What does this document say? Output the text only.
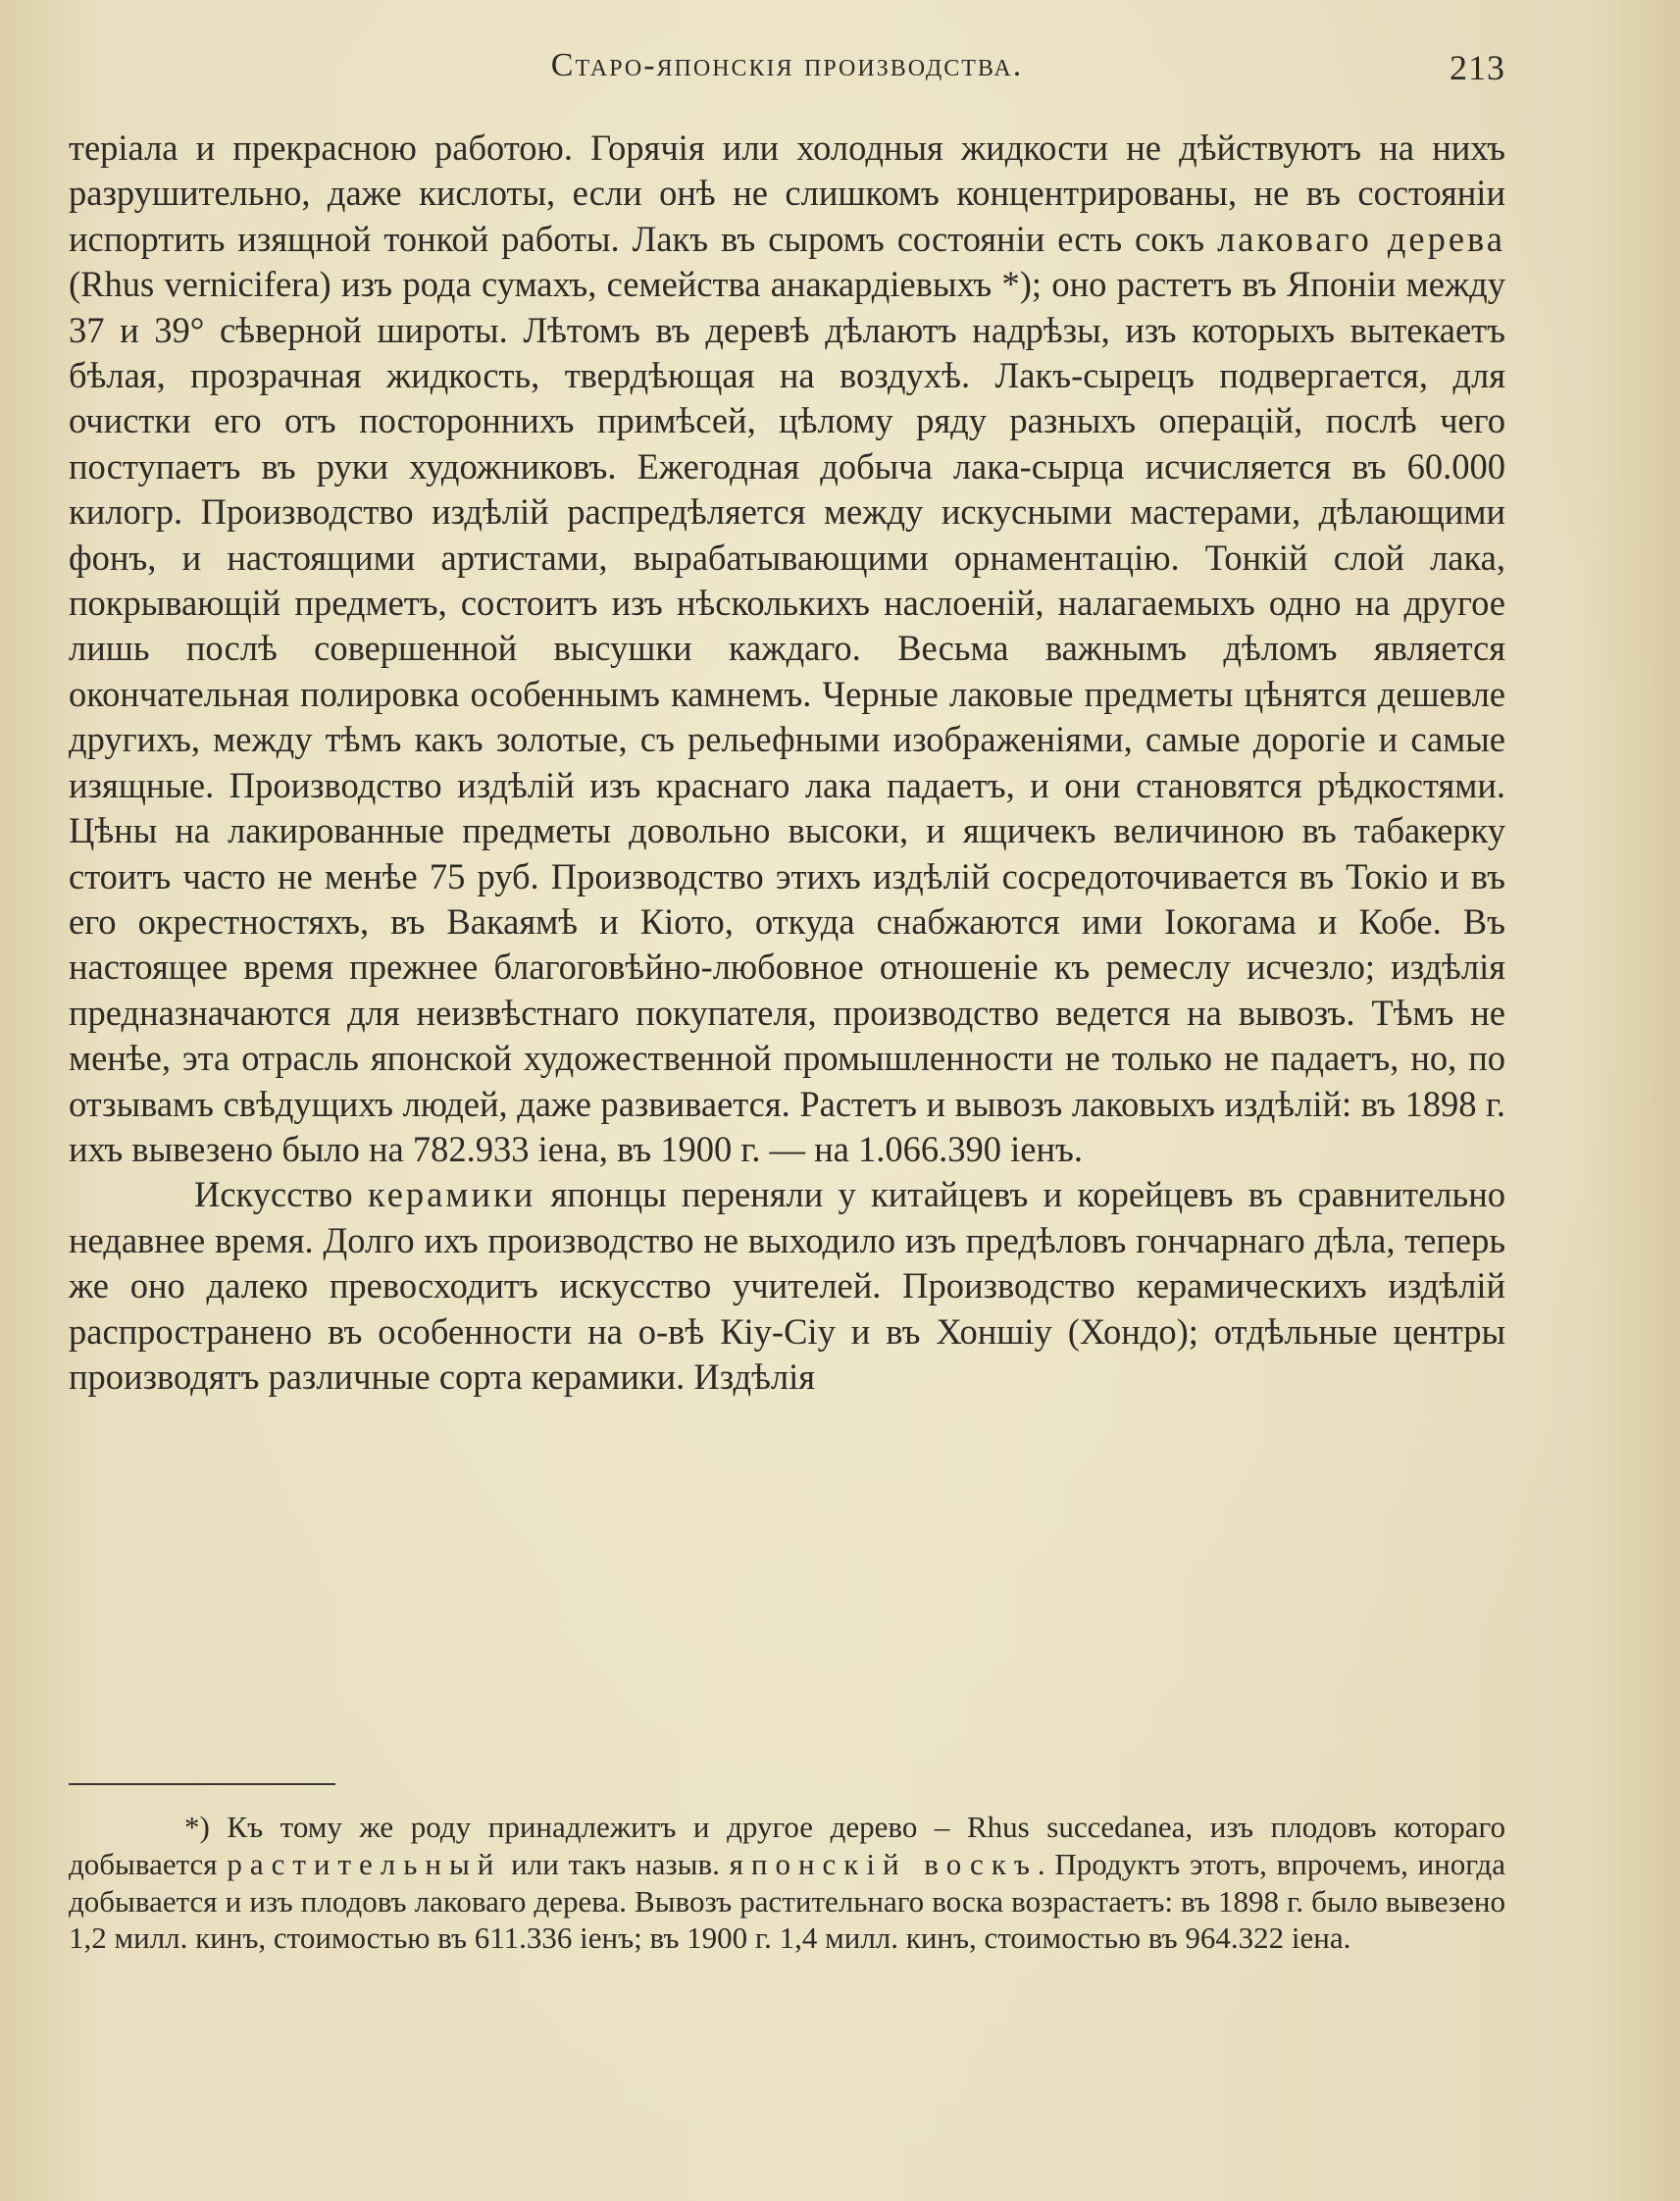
Старо-японскія производства.	213

теріала и прекрасною работою. Горячія или холодныя жидкости не дѣйствуютъ на нихъ разрушительно, даже кислоты, если онѣ не слишкомъ концентрированы, не въ состояніи испортить изящной тонкой работы. Лакъ въ сыромъ состояніи есть сокъ лаковаго дерева (Rhus vernicifera) изъ рода сумахъ, семейства анакардіевыхъ *); оно растетъ въ Японіи между 37 и 39° сѣверной широты. Лѣтомъ въ деревѣ дѣлаютъ надрѣзы, изъ которыхъ вытекаетъ бѣлая, прозрачная жидкость, твердѣющая на воздухѣ. Лакъ-сырецъ подвергается, для очистки его отъ постороннихъ примѣсей, цѣлому ряду разныхъ операцій, послѣ чего поступаетъ въ руки художниковъ. Ежегодная добыча лака-сырца исчисляется въ 60.000 килогр. Производство издѣлій распредѣляется между искусными мастерами, дѣлающими фонъ, и настоящими артистами, вырабатывающими орнаментацію. Тонкій слой лака, покрывающій предметъ, состоитъ изъ нѣсколькихъ наслоеній, налагаемыхъ одно на другое лишь послѣ совершенной высушки каждаго. Весьма важнымъ дѣломъ является окончательная полировка особеннымъ камнемъ. Черные лаковые предметы цѣнятся дешевле другихъ, между тѣмъ какъ золотые, съ рельефными изображеніями, самые дорогіе и самые изящные. Производство издѣлій изъ краснаго лака падаетъ, и они становятся рѣдкостями. Цѣны на лакированные предметы довольно высоки, и ящичекъ величиною въ табакерку стоитъ часто не менѣе 75 руб. Производство этихъ издѣлій сосредоточивается въ Токіо и въ его окрестностяхъ, въ Вакаямѣ и Кіото, откуда снабжаются ими Іокогама и Кобе. Въ настоящее время прежнее благоговѣйно-любовное отношеніе къ ремеслу исчезло; издѣлія предназначаются для неизвѣстнаго покупателя, производство ведется на вывозъ. Тѣмъ не менѣе, эта отрасль японской художественной промышленности не только не падаетъ, но, по отзывамъ свѣдущихъ людей, даже развивается. Растетъ и вывозъ лаковыхъ издѣлій: въ 1898 г. ихъ вывезено было на 782.933 іена, въ 1900 г. — на 1.066.390 іенъ.

Искусство керамики японцы переняли у китайцевъ и корейцевъ въ сравнительно недавнее время. Долго ихъ производство не выходило изъ предѣловъ гончарнаго дѣла, теперь же оно далеко превосходитъ искусство учителей. Производство керамическихъ издѣлій распространено въ особенности на о-вѣ Кіу-Сіу и въ Хоншіу (Хондо); отдѣльные центры производятъ различные сорта керамики. Издѣлія

*) Къ тому же роду принадлежитъ и другое дерево – Rhus succedanea, изъ плодовъ котораго добывается растительный или такъ назыв. японскій воскъ. Продуктъ этотъ, впрочемъ, иногда добывается и изъ плодовъ лаковаго дерева. Вывозъ растительнаго воска возрастаетъ: въ 1898 г. было вывезено 1,2 милл. кинъ, стоимостью въ 611.336 іенъ; въ 1900 г. 1,4 милл. кинъ, стоимостью въ 964.322 іена.
